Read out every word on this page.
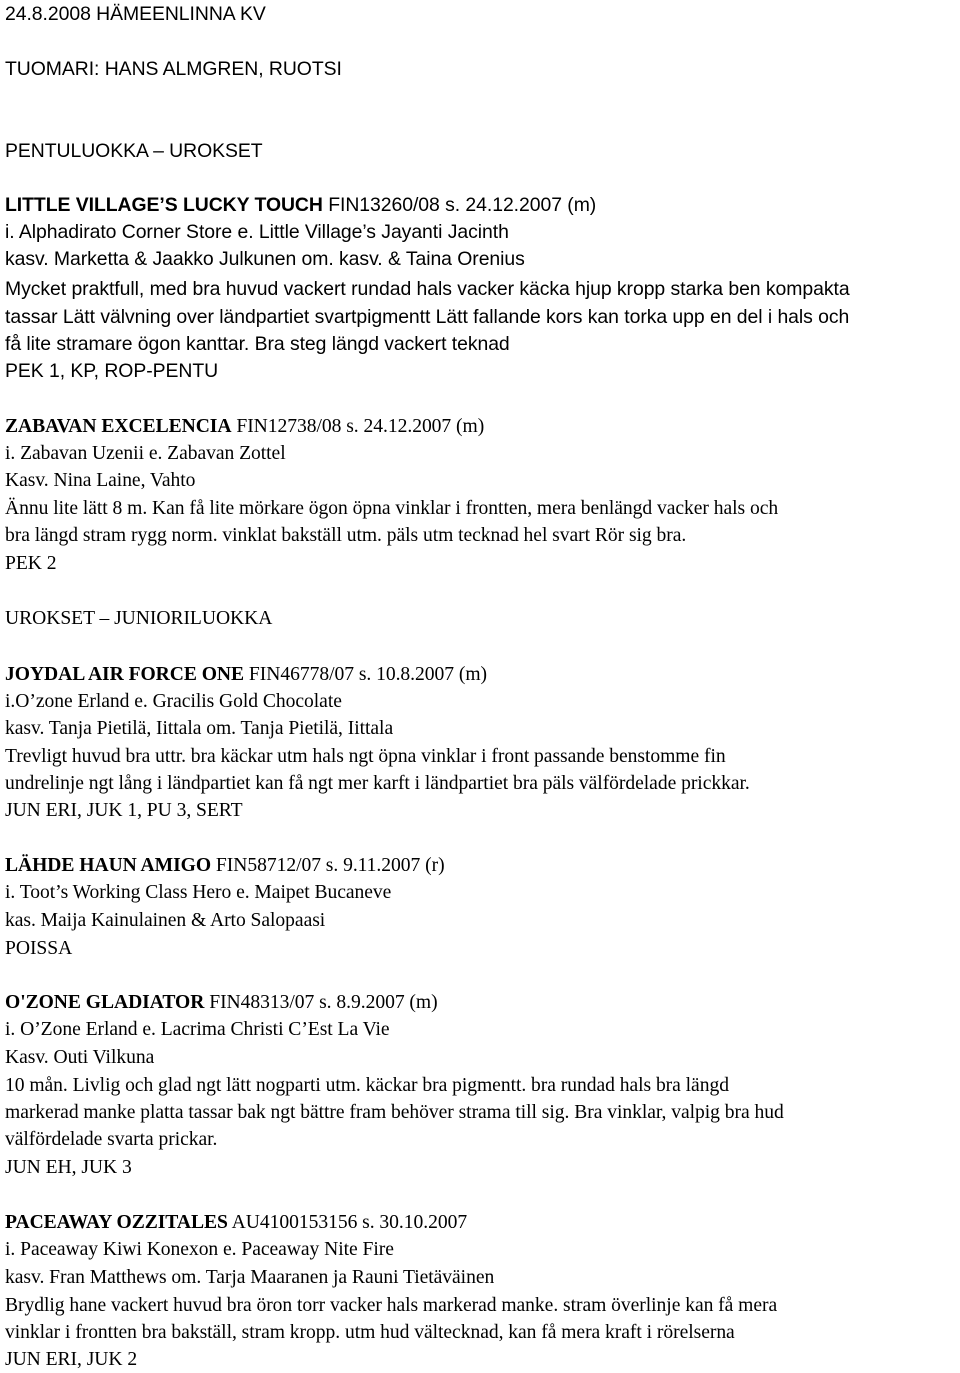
24.8.2008 HÄMEENLINNA KV
TUOMARI: HANS ALMGREN, RUOTSI
PENTULUOKKA – UROKSET
LITTLE VILLAGE’S LUCKY TOUCH FIN13260/08 s. 24.12.2007 (m)
i. Alphadirato Corner Store e. Little Village’s Jayanti Jacinth
kasv. Marketta & Jaakko Julkunen om. kasv. & Taina Orenius
Mycket praktfull, med bra huvud vackert rundad hals vacker käcka hjup kropp starka ben kompakta
tassar Lätt välvning over ländpartiet svartpigmentt Lätt fallande kors kan torka upp en del i hals och
få lite stramare ögon kanttar. Bra steg längd vackert teknad
PEK 1, KP, ROP-PENTU
ZABAVAN EXCELENCIA FIN12738/08 s. 24.12.2007 (m)
i. Zabavan Uzenii e. Zabavan Zottel
Kasv. Nina Laine, Vahto
Ännu lite lätt 8 m. Kan få lite mörkare ögon öpna vinklar i frontten, mera benlängd vacker hals och
bra längd stram rygg norm. vinklat bakställ utm. päls utm tecknad hel svart Rör sig bra.
PEK 2
UROKSET – JUNIORILUOKKA
JOYDAL AIR FORCE ONE FIN46778/07 s. 10.8.2007 (m)
i.O’zone Erland e. Gracilis Gold Chocolate
kasv. Tanja Pietilä, Iittala om. Tanja Pietilä, Iittala
Trevligt huvud bra uttr. bra käckar utm hals ngt öpna vinklar i front passande benstomme fin
undrelinje ngt lång i ländpartiet kan få ngt mer karft i ländpartiet bra päls välfördelade prickkar.
JUN ERI, JUK 1, PU 3, SERT
LÄHDE HAUN AMIGO FIN58712/07 s. 9.11.2007 (r)
i. Toot’s Working Class Hero e. Maipet Bucaneve
kas. Maija Kainulainen & Arto Salopaasi
POISSA
O'ZONE GLADIATOR FIN48313/07 s. 8.9.2007 (m)
i. O’Zone Erland e. Lacrima Christi C’Est La Vie
Kasv. Outi Vilkuna
10 mån. Livlig och glad ngt lätt nogparti utm. käckar bra pigmentt. bra rundad hals bra längd
markerad manke platta tassar bak ngt bättre fram behöver strama till sig. Bra vinklar, valpig bra hud
välfördelade svarta prickar.
JUN EH, JUK 3
PACEAWAY OZZITALES AU4100153156 s. 30.10.2007
i. Paceaway Kiwi Konexon e. Paceaway Nite Fire
kasv. Fran Matthews om. Tarja Maaranen ja Rauni Tietäväinen
Brydlig hane vackert huvud bra öron torr vacker hals markerad manke. stram överlinje kan få mera
vinklar i frontten bra bakställ, stram kropp. utm hud vältecknad, kan få mera kraft i rörelserna
JUN ERI, JUK 2
